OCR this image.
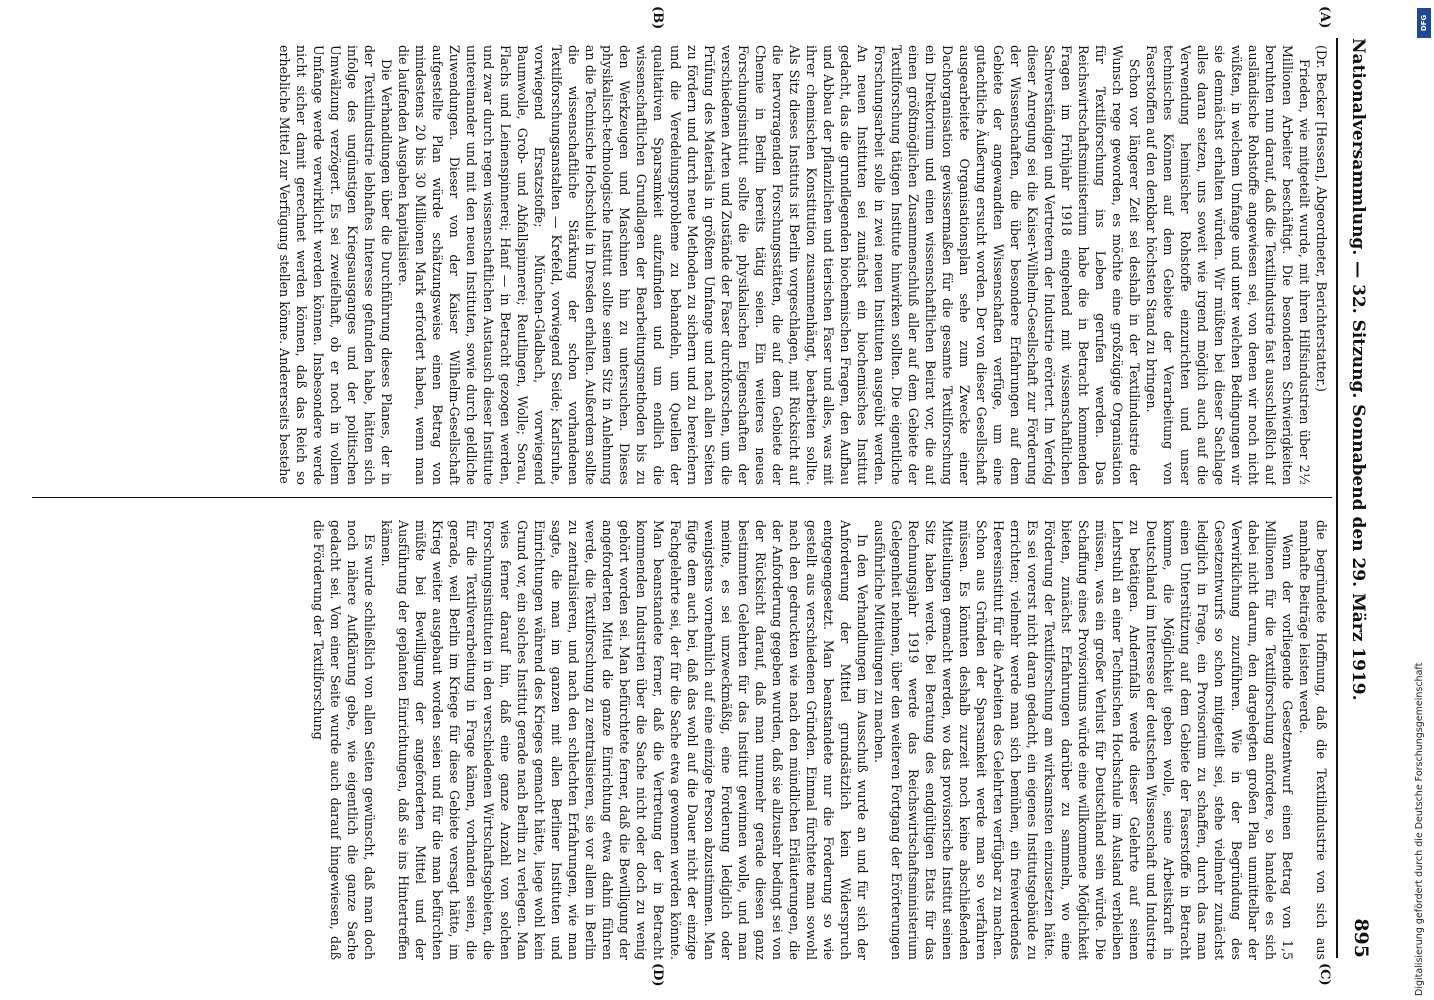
Nationalversammlung. — 32. Sitzung. Sonnabend den 29. März 1919.
895
(A)
(B)
(C)
(D)

(Dr. Becker [Hessen], Abgeordneter, Berichterstatter.)

Frieden, wie mitgeteilt wurde, mit ihren Hilfsindustrien über 2½ Millionen Arbeiter beschäftigt. Die besonderen Schwierigkeiten beruhten nun darauf, daß die Textilindustrie fast ausschließlich auf ausländische Rohstoffe angewiesen sei, von denen wir noch nicht wüßten, in welchem Umfange und unter welchen Bedingungen wir sie demnächst erhalten würden. Wir müßten bei dieser Sachlage alles daran setzen, uns soweit wie irgend möglich auch auf die Verwendung heimischer Rohstoffe einzurichten und unser technisches Können auf dem Gebiete der Verarbeitung von Faserstoffen auf den denkbar höchsten Stand zu bringen.

Schon vor längerer Zeit sei deshalb in der Textilindustrie der Wunsch rege geworden, es möchte eine großzügige Organisation für Textilforschung ins Leben gerufen werden. Das Reichswirtschaftsministerium habe die in Betracht kommenden Fragen im Frühjahr 1918 eingehend mit wissenschaftlichen Sachverständigen und Vertretern der Industrie erörtert. Im Verfolg dieser Anregung sei die Kaiser-Wilhelm-Gesellschaft zur Förderung der Wissenschaften, die über besondere Erfahrungen auf dem Gebiete der angewandten Wissenschaften verfüge, um eine gutachtliche Äußerung ersucht worden. Der von dieser Gesellschaft ausgearbeitete Organisationsplan sehe zum Zwecke einer Dachorganisation gewissermaßen für die gesamte Textilforschung ein Direktorium und einen wissenschaftlichen Beirat vor, die auf einen größtmöglichen Zusammenschluß aller auf dem Gebiete der Textilforschung tätigen Institute hinwirken sollten. Die eigentliche Forschungsarbeit solle in zwei neuen Instituten ausgeübt werden. An neuen Instituten sei zunächst ein biochemisches Institut gedacht, das die grundlegenden biochemischen Fragen, den Aufbau und Abbau der pflanzlichen und tierischen Faser und alles, was mit ihrer chemischen Konstitution zusammenhängt, bearbeiten sollte. Als Sitz dieses Instituts ist Berlin vorgeschlagen, mit Rücksicht auf die hervorragenden Forschungsstätten, die auf dem Gebiete der Chemie in Berlin bereits tätig seien. Ein weiteres neues Forschungsinstitut sollte die physikalischen Eigenschaften der verschiedenen Arten und Zustände der Faser durchforschen, um die Prüfung des Materials in größtem Umfange und nach allen Seiten zu fördern und durch neue Methoden zu sichern und zu bereichern und die Veredelungsprobleme zu behandeln, um Quellen der qualitativen Sparsamkeit aufzufinden und um endlich die wissenschaftlichen Grundlagen der Bearbeitungsmethoden bis zu den Werkzeugen und Maschinen hin zu untersuchen. Dieses physikalisch-technologische Institut sollte seinen Sitz in Anlehnung an die Technische Hochschule in Dresden erhalten. Außerdem sollte die wissenschaftliche Stärkung der schon vorhandenen Textilforschungsanstalten — Krefeld, vorwiegend Seide; Karlsruhe, vorwiegend Ersatzstoffe; München-Gladbach, vorwiegend Baumwolle, Grob- und Abfallspinnerei; Reutlingen, Wolle; Sorau, Flachs und Leinenspinnerei; Hanf — in Betracht gezogen werden, und zwar durch regen wissenschaftlichen Austausch dieser Institute untereinander und mit den neuen Instituten, sowie durch geldliche Zuwendungen. Dieser von der Kaiser Wilhelm-Gesellschaft aufgestellte Plan würde schätzungsweise einen Betrag von mindestens 20 bis 30 Millionen Mark erfordert haben, wenn man die laufenden Ausgaben kapitalisiere.

Die Verhandlungen über die Durchführung dieses Planes, der in der Textilindustrie lebhaftes Interesse gefunden habe, hätten sich infolge des ungünstigen Kriegsausganges und der politischen Umwälzung verzögert. Es sei zweifelhaft, ob er noch in vollem Umfange werde verwirklicht werden können. Insbesondere werde nicht sicher damit gerechnet werden können, daß das Reich so erhebliche Mittel zur Verfügung stellen könne. Andererseits bestehe

die begründete Hoffnung, daß die Textilindustrie von sich aus namhafte Beiträge leisten werde.

Wenn der vorliegende Gesetzentwurf einen Betrag von 1,5 Millionen für die Textilforschung anfordere, so handele es sich dabei nicht darum, den dargelegten großen Plan unmittelbar der Verwirklichung zuzuführen. Wie in der Begründung des Gesetzentwurfs so schon mitgeteilt sei, stehe vielmehr zunächst lediglich in Frage, ein Provisorium zu schaffen, durch das man einen Unterstützung auf dem Gebiete der Faserstoffe in Betracht komme, die Möglichkeit geben wolle, seine Arbeitskraft in Deutschland im Interesse der deutschen Wissenschaft und Industrie zu betätigen. Andernfalls werde dieser Gelehrte auf seinen Lehrstuhl an einer Technischen Hochschule im Ausland verbleiben müssen, was ein großer Verlust für Deutschland sein würde. Die Schaffung eines Provisoriums würde eine willkommene Möglichkeit bieten, zunächst Erfahrungen darüber zu sammeln, wo eine Förderung der Textilforschung am wirksamsten einzusetzen hätte. Es sei vorerst nicht daran gedacht, ein eigenes Institutsgebäude zu errichten; vielmehr werde man sich bemühen, ein freiwerdendes Heeresinstitut für die Arbeiten des Gelehrten verfügbar zu machen. Schon aus Gründen der Sparsamkeit werde man so verfahren müssen. Es könnten deshalb zurzeit noch keine abschließenden Mitteilungen gemacht werden, wo das provisorische Institut seinen Sitz haben werde. Bei Beratung des endgültigen Etats für das Rechnungsjahr 1919 werde das Reichswirtschaftsministerium Gelegenheit nehmen, über den weiteren Fortgang der Erörterungen ausführliche Mitteilungen zu machen.

In den Verhandlungen im Ausschuß wurde an und für sich der Anforderung der Mittel grundsätzlich kein Widerspruch entgegengesetzt. Man beanstandete nur die Forderung so wie gestellt aus verschiedenen Gründen. Einmal fürchtete man sowohl nach den gedruckten wie nach den mündlichen Erläuterungen, die der Anforderung gegeben wurden, daß sie allzusehr bedingt sei von der Rücksicht darauf, daß man nunmehr gerade diesen ganz bestimmten Gelehrten für das Institut gewinnen wolle, und man meinte, es sei unzweckmäßig, eine Forderung lediglich oder wenigstens vornehmlich auf eine einzige Person abzustimmen. Man fügte dem auch bei, daß das wohl auf die Dauer nicht der einzige Fachgelehrte sei, der für die Sache etwa gewonnen werden könnte. Man beanstandete ferner, daß die Vertretung der in Betracht kommenden Industrien über die Sache nicht oder doch zu wenig gehört worden sei. Man befürchtete ferner, daß die Bewilligung der angeforderten Mittel die ganze Einrichtung etwa dahin führen werde, die Textilforschung zu zentralisieren, sie vor allem in Berlin zu zentralisieren, und nach den schlechten Erfahrungen, wie man sagte, die man im ganzen mit allen Berliner Instituten und Einrichtungen während des Krieges gemacht hätte, liege wohl kein Grund vor, ein solches Institut gerade nach Berlin zu verlegen. Man wies ferner darauf hin, daß eine ganze Anzahl von solchen Forschungsinstituten in den verschiedenen Wirtschaftsgebieten, die für die Textilverarbeitung in Frage kämen, vorhanden seien, die gerade, weil Berlin im Kriege für diese Gebiete versagt hätte, im Krieg weiter ausgebaut worden seien und für die man befürchten müßte bei Bewilligung der angeforderten Mittel und der Ausführung der geplanten Einrichtungen, daß sie ins Hintertreffen kämen.

Es wurde schließlich von allen Seiten gewünscht, daß man doch noch nähere Aufklärung gebe, wie eigentlich die ganze Sache gedacht sei. Von einer Seite wurde auch darauf hingewiesen, daß die Förderung der Textilforschung

DFG
Digitalisierung gefördert durch die Deutsche Forschungsgemeinschaft
